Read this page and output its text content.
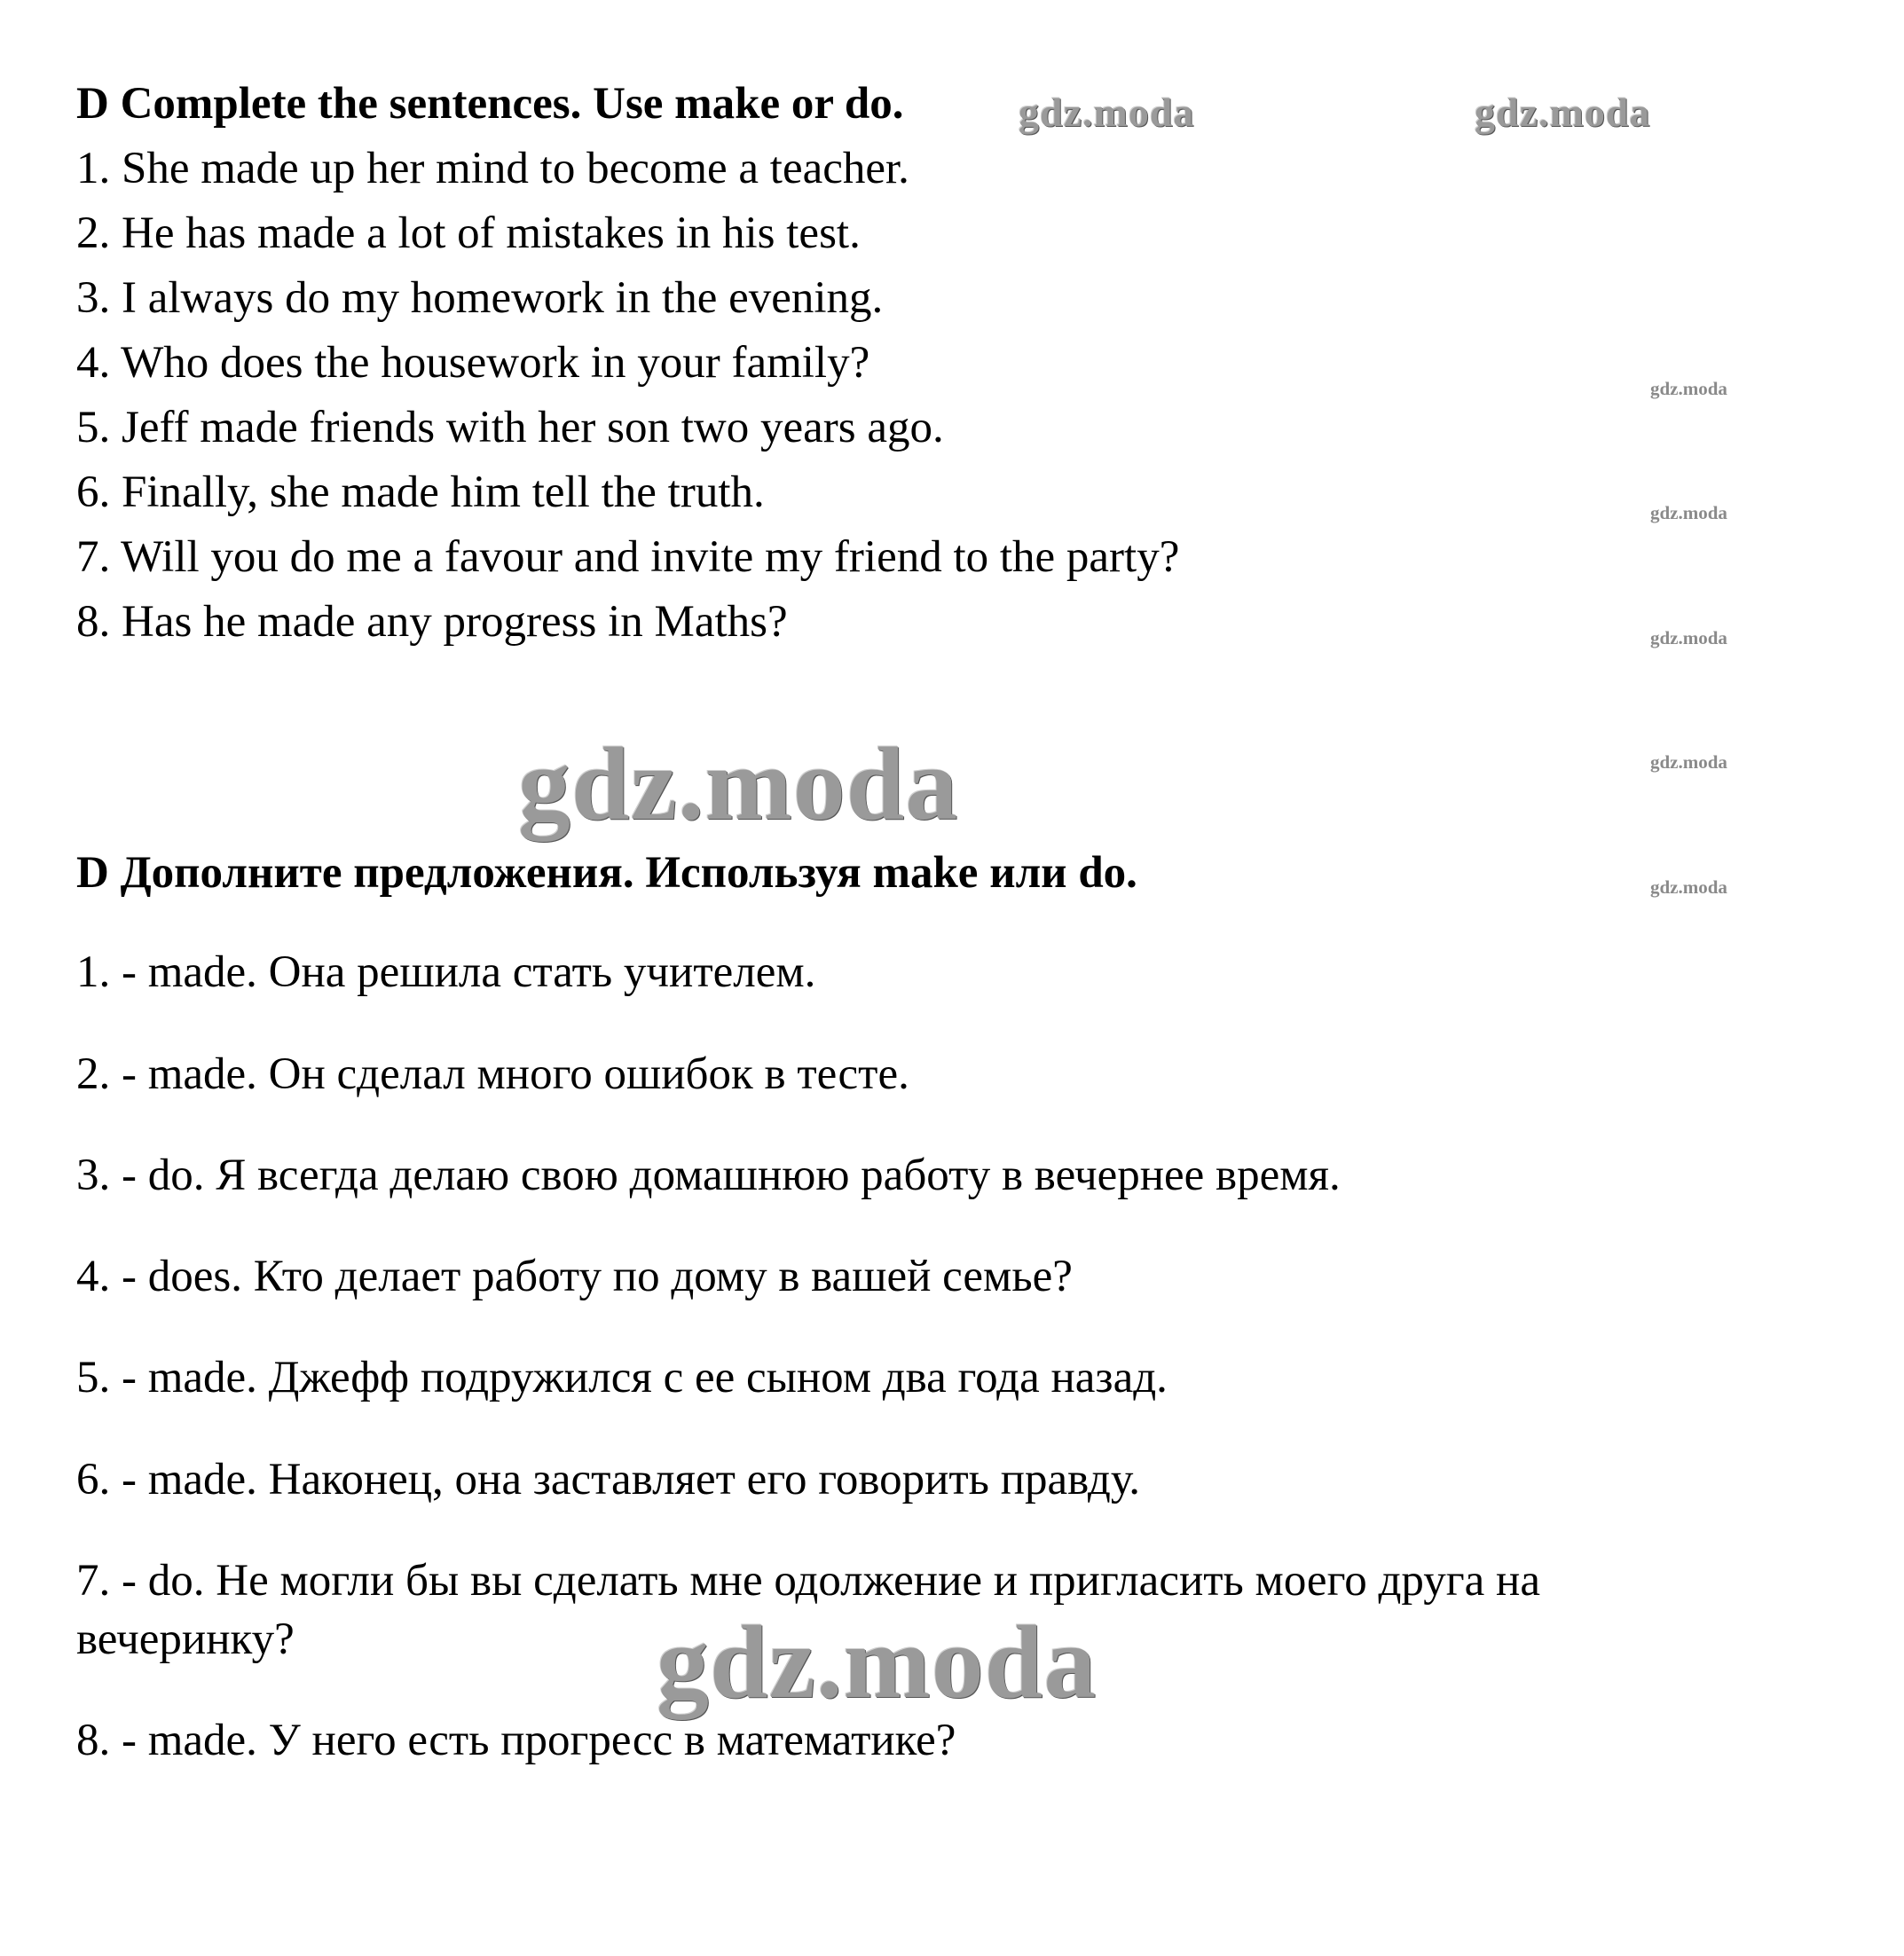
D Complete the sentences. Use make or do.
1. She made up her mind to become a teacher.
2. He has made a lot of mistakes in his test.
3. I always do my homework in the evening.
4. Who does the housework in your family?
5. Jeff made friends with her son two years ago.
6. Finally, she made him tell the truth.
7. Will you do me a favour and invite my friend to the party?
8. Has he made any progress in Maths?
D Дополните предложения. Используя make или do.
1. - made. Она решила стать учителем.
2. - made. Он сделал много ошибок в тесте.
3. - do. Я всегда делаю свою домашнюю работу в вечернее время.
4. - does. Кто делает работу по дому в вашей семье?
5. - made. Джефф подружился с ее сыном два года назад.
6. - made. Наконец, она заставляет его говорить правду.
7. - do. Не могли бы вы сделать мне одолжение и пригласить моего друга на
вечеринку?
8. - made. У него есть прогресс в математике?
gdz.moda	gdz.moda
gdz.moda
gdz.moda
gdz.moda
gdz.moda
gdz.moda
gdz.moda
gdz.moda
